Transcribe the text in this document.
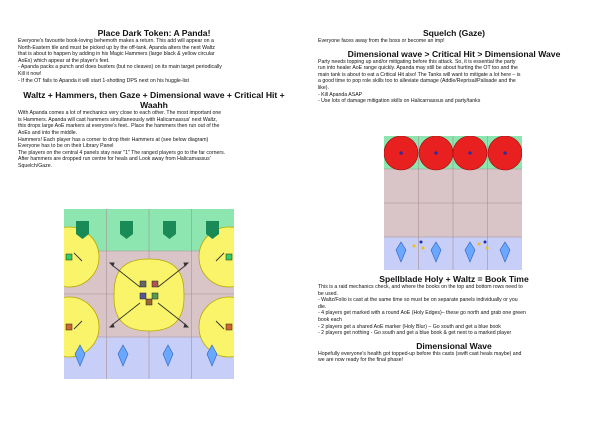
Place Dark Token: A Panda!

Everyone's favourite book-loving behemoth makes a return. This add will appear on a

North-Eastern tile and must be picked up by the off-tank. Apanda alters the next Waltz

that is about to happen by adding in his Magic Hammers (large black & yellow circular

AoEs) which appear at the player's feet.

- Apanda packs a punch and does busters (but no cleaves) on its main target periodically

Kill it now!

- If the OT fails to Apanda it will start 1-shotting DPS next on his huggle-list

Waltz + Hammers, then Gaze + Dimensional wave + Critical Hit + Waahh

With Apanda comes a lot of mechanics very close to each other. The most important one

is Hammers. Apanda will cast hammers simultaneously with Halicarnassus' next Waltz,

this drops large AoE markers at everyone's feet.. Place the hammers then run out of the

AoEs and into the middle.

Hammers! Each player has a corner to drop their Hammers at (see below diagram)

Everyone has to be on their Library Panel

The players on the central 4 panels stay near "1" The ranged players go to the far corners.

After hammers are dropped run centre for heals and Look away from Halicarnassus'

Squelch/Gaze.

Squelch (Gaze)

Everyone faces away from the boss or become an imp!

Dimensional wave > Critical Hit > Dimensional Wave

Party needs topping up and/or mitigating before this attack. So, it is essential the party

run into healer AoE range quickly. Apanda may still be about hurting the OT too and the

main tank is about to eat a Critical Hit also! The Tanks will want to mitigate a lot here – is

a good time to pop role skills too to alleviate damage (Addle/Reprisal/Palisade and the

like).

- Kill Apanda ASAP

- Use lots of damage mitigation skills on Halicarnassus and party/tanks

Spellblade Holy + Waltz = Book Time

This is a raid mechanics check, and where the books on the top and bottom rows need to

be used.

- Waltz/Folio is cast at the same time so must be on separate panels individually or you

die.

- 4 players get marked with a round AoE (Holy Edges)– these go north and grab one green

book each

- 2 players get a shared AoE marker (Holy Blur) – Go south and get a blue book

- 2 players get nothing - Go south and get a blue book & get next to a marked player

Dimensional Wave

Hopefully everyone's health got topped-up before this casts (swift cast heals maybe) and

we are now ready for the final phase!
